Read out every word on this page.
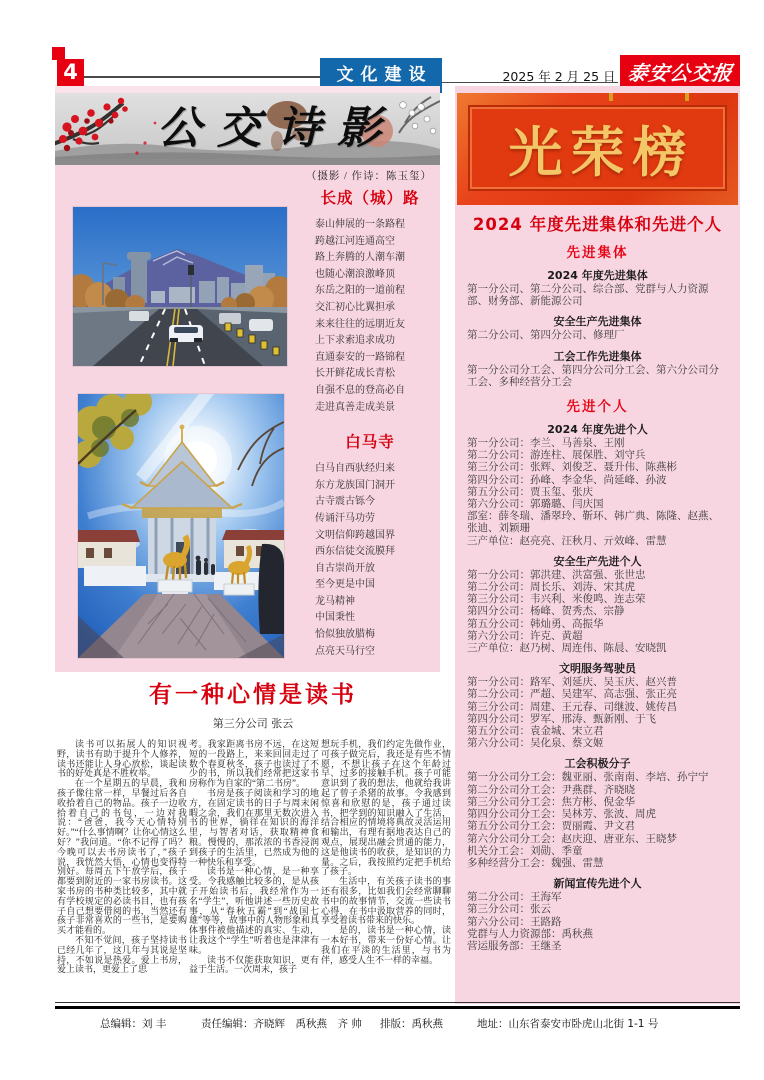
4	文化建设	2025 年 2 月 25 日 泰安公交报
公交诗影
（摄影 / 作诗：陈玉玺）
长成（城）路
泰山伸展的一条路程
跨越江河连通高空
路上奔腾的人潮车潮
也随心潮浪激峰顶
东岳之阳的一道前程
交汇初心比翼担承
来来往往的远朋近友
上下求索追求成功
直通泰安的一路锦程
长开鲜花成长青松
自强不息的登高必自
走进真善走成美景
白马寺
白马自西驮经归来
东方龙族国门洞开
古寺震古铄今
传诵汗马功劳
文明信仰跨越国界
西东信徒交流膜拜
自古崇尚开放
至今更是中国
龙马精神
中国秉性
恰似独放腊梅
点亮天马行空
有一种心情是读书
第三分公司 张云

读书可以拓展人的知识视野，读书有助于提升个人修养，读书还能让人身心放松，谈起读书的好处真是不胜枚举。

在一个星期五的早晨，我和孩子像往常一样，早餐过后各自收拾着自己的物品。孩子一边收拾着自己的书包，一边对我说：“爸爸，我今天心情特别好。”“什么事情啊？让你心情这么好？”我问道。“你不记得了吗？今晚可以去书房读书了，”孩子说，我恍然大悟，心情也变得特别好。每周五下午放学后，孩子都要到附近的一家书房读书。这家书房的书种类比较多，其中就有学校规定的必读书目，也有孩子自己想要借阅的书，当然还有孩子非常喜欢的一些书，是要购买才能看的。

不知不觉间，孩子坚持读书已经几年了，这几年与其说是坚持，不如说是热爱。爱上书房，爱上读书，更爱上了思

考。我家距离书房不远，在这短短的一段路上，来来回回走过了数个春夏秋冬，孩子也读过了不少的书，所以我们经常把这家书房称作为自家的“第二书房”。

书房是孩子阅读和学习的地方，在固定读书的日子与周末闲暇之余，我们在那里无数次进入书的世界，徜徉在知识的海洋里，与智者对话，获取精神食粮。慢慢的，那浓浓的书香浸润到孩子的生活里，已然成为他的一种快乐和享受。

读书是一种心情，是一种享受。令我感触比较多的，是从孩子开始读书后，我经常作为一名“学生”，听他讲述一些历史故事，从“春秋五霸”到“战国七雄”等等，故事中的人物形象和具体事件被他描述的真实、生动，让我这个“学生”听着也是津津有味。

读书不仅能获取知识，更有益于生活。一次周末，孩子

想玩手机，我们约定先做作业，可孩子做完后，我还是有些不情愿，不想让孩子在这个年龄过早、过多的接触手机。孩子可能意识到了我的想法，他就给我讲起了曾子杀猪的故事。令我感到惊喜和欣慰的是，孩子通过读书，把学到的知识融入了生活，结合相应的情境将典故灵活运用和输出，有理有据地表达自己的观点，展现出融会贯通的能力，这是他读书的收获，是知识的力量。之后，我按照约定把手机给了孩子。

生活中，有关孩子读书的事还有很多，比如我们会经常聊聊书中的故事情节，交流一些读书心得，在书中汲取营养的同时，享受着读书带来的快乐。

是的，读书是一种心情，读一本好书，带来一份好心情。让我们在平淡的生活里，与书为伴，感受人生不一样的幸福。

光荣榜
2024 年度先进集体和先进个人
先进集体
2024 年度先进集体
第一分公司、第二分公司、综合部、党群与人力资源部、财务部、新能源公司
安全生产先进集体
第二分公司、第四分公司、修理厂
工会工作先进集体
第一分公司分工会、第四分公司分工会、第六分公司分工会、多种经营分工会
先进个人
2024 年度先进个人
第一分公司：李兰、马善泉、王刚
第二分公司：游连柱、展保胜、刘守兵
第三分公司：张辉、刘俊芝、聂升伟、陈燕彬
第四分公司：孙峰、李金华、尚延峰、孙波
第五分公司：贾玉玺、张庆
第六分公司：郭璐璐、闫庆国
部室：薛冬瑞、潘翠玲、靳环、韩广典、陈隆、赵燕、张迪、刘颖珊
三产单位：赵亮亮、汪秋月、亓效峰、雷慧
安全生产先进个人
第一分公司：郭洪建、洪富强、张世忠
第二分公司：周长乐、刘涛、宋其虎
第三分公司：韦兴利、米俊鸣、连志荣
第四分公司：杨峰、贺秀杰、宗静
第五分公司：韩灿勇、高振华
第六分公司：许克、黄超
三产单位：赵乃树、周连伟、陈晨、安晓凯
文明服务驾驶员
第一分公司：路军、刘延庆、吴玉庆、赵兴普
第二分公司：严超、吴建军、高志强、张正亮
第三分公司：周建、王元春、司继波、姚传昌
第四分公司：罗军、邢涛、甄新刚、于飞
第五分公司：袁金城、宋立君
第六分公司：吴化泉、蔡文姬
工会积极分子
第一分公司分工会：魏亚丽、张南南、李培、孙宁宁
第二分公司分工会：尹燕群、齐晓晓
第三分公司分工会：焦方彬、倪金华
第四分公司分工会：吴林芳、张波、周虎
第五分公司分工会：贾丽霞、尹文君
第六分公司分工会：赵庆迎、唐亚东、王晓梦
机关分工会：刘勋、季童
多种经营分工会：魏强、雷慧
新闻宣传先进个人
第二分公司：王海军
第三分公司：张云
第六分公司：王路路
党群与人力资源部：禹秋燕
营运服务部：王继圣
总编辑：刘 丰	责任编辑：齐晓辉　禹秋燕　齐 帅 排版：禹秋燕	地址：山东省泰安市卧虎山北街 1-1 号
